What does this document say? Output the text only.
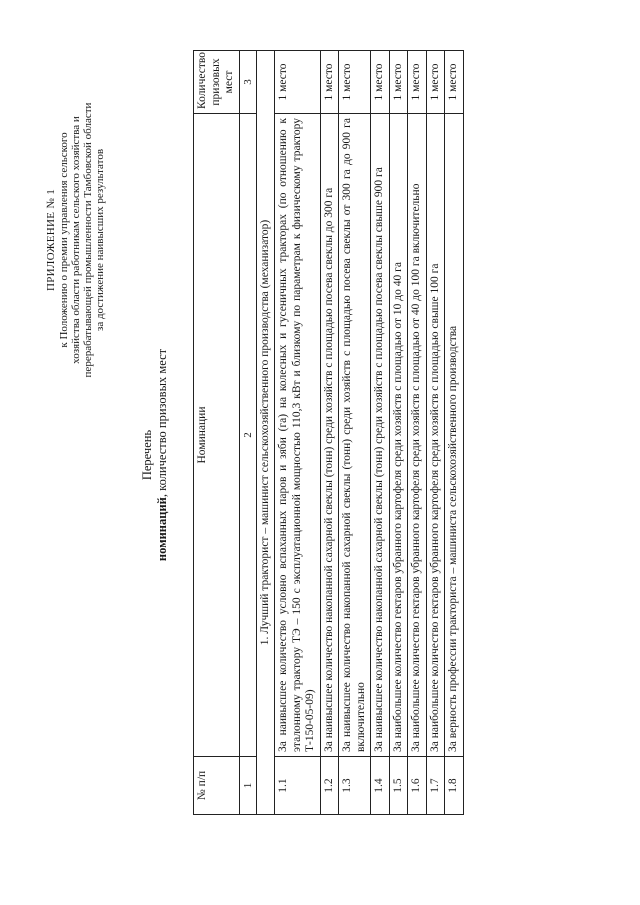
ПРИЛОЖЕНИЕ № 1 к Положению о премии управления сельского хозяйства области работникам сельского хозяйства и перерабатывающей промышленности Тамбовской области за достижение наивысших результатов
Перечень
номинаций, количество призовых мест
№ п/п	Номинации	Количество призовых мест
1	2	3
1. Лучший тракторист – машинист сельскохозяйственного производства (механизатор)		
1.1	За наивысшее количество условно вспаханных паров и зяби (га) на колесных и гусеничных тракторах (по отношению к эталонному трактору ТЭ – 150 с эксплуатационной мощностью 110,3 кВт и близкому по параметрам к физическому трактору Т-150-05-09)	1 место
1.2	За наивысшее количество накопанной сахарной свеклы (тонн) среди хозяйств с площадью посева свеклы до 300 га	1 место
1.3	За наивысшее количество накопанной сахарной свеклы (тонн) среди хозяйств с площадью посева свеклы от 300 га до 900 га включительно	1 место
1.4	За наивысшее количество накопанной сахарной свеклы (тонн) среди хозяйств с площадью посева свеклы свыше 900 га	1 место
1.5	За наибольшее количество гектаров убранного картофеля среди хозяйств с площадью от 10 до 40 га	1 место
1.6	За наибольшее количество гектаров убранного картофеля среди хозяйств с площадью от 40 до 100 га включительно	1 место
1.7	За наибольшее количество гектаров убранного картофеля среди хозяйств с площадью свыше 100 га	1 место
1.8	За верность профессии тракториста – машиниста сельскохозяйственного производства	1 место
